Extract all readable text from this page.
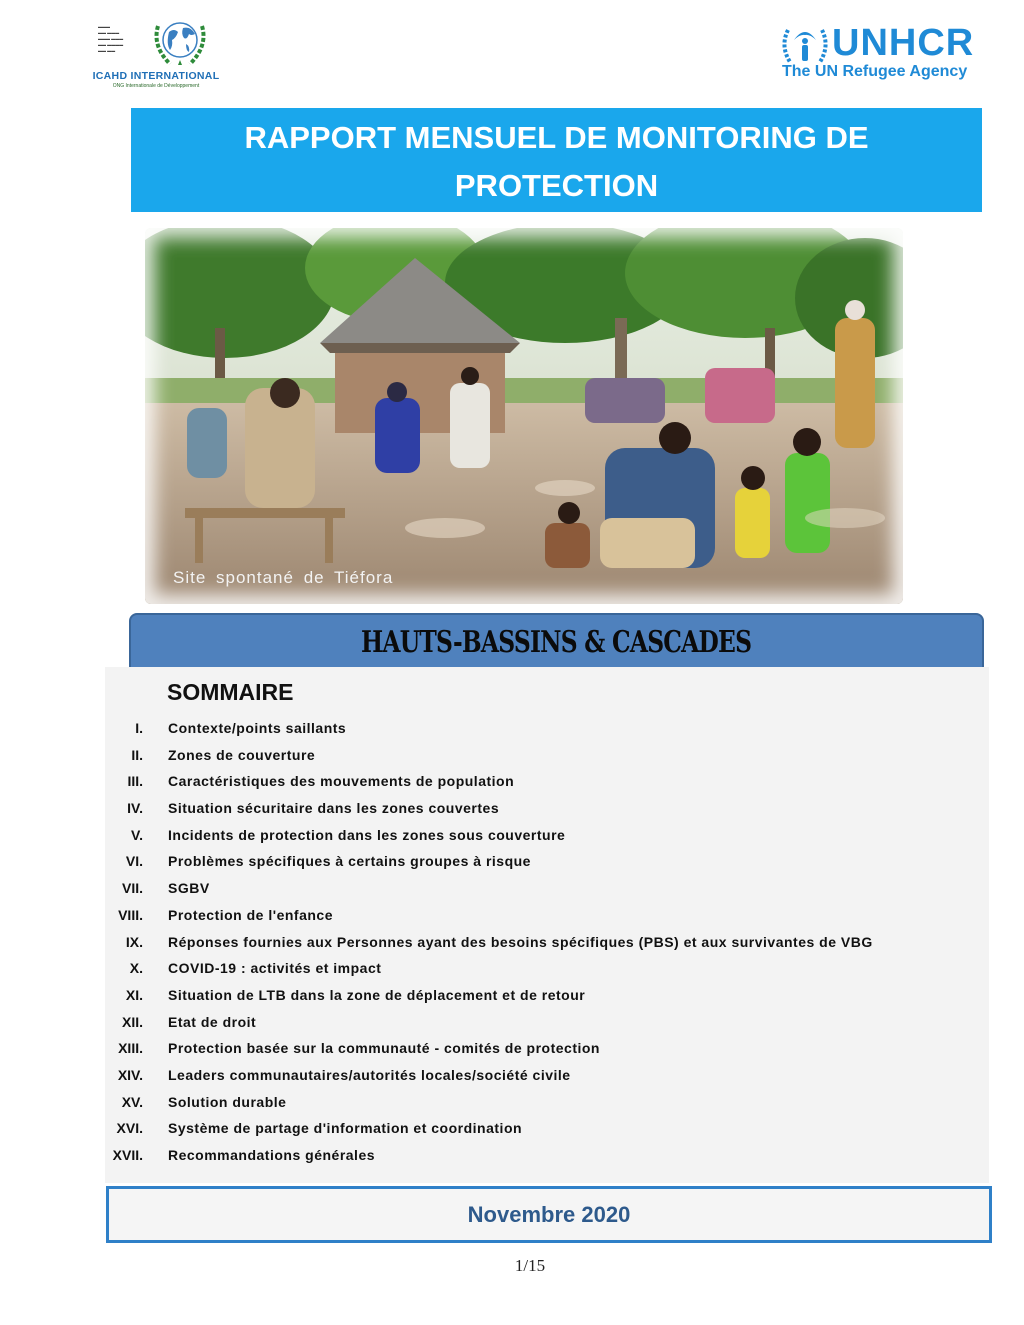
▬▬▬
▬▬ ▬▬▬
▬▬▬ ▬▬▬
▬▬ ▬▬▬▬
▬▬ ▬▬
ICAHD INTERNATIONAL
ONG Internationale de Développement
UNHCR
The UN Refugee Agency
RAPPORT MENSUEL DE MONITORING DE
PROTECTION
Site spontané de Tiéfora
HAUTS-BASSINS & CASCADES
SOMMAIRE
I. Contexte/points saillants
II. Zones de couverture
III. Caractéristiques des mouvements de population
IV. Situation sécuritaire dans les zones couvertes
V. Incidents de protection dans les zones sous couverture
VI. Problèmes spécifiques à certains groupes à risque
VII. SGBV
VIII. Protection de l'enfance
IX. Réponses fournies aux Personnes ayant des besoins spécifiques (PBS) et aux survivantes de VBG
X. COVID-19 : activités et impact
XI. Situation de LTB dans la zone de déplacement et de retour
XII. Etat de droit
XIII. Protection basée sur la communauté - comités de protection
XIV. Leaders communautaires/autorités locales/société civile
XV. Solution durable
XVI. Système de partage d'information et coordination
XVII. Recommandations générales
Novembre 2020
1/15
